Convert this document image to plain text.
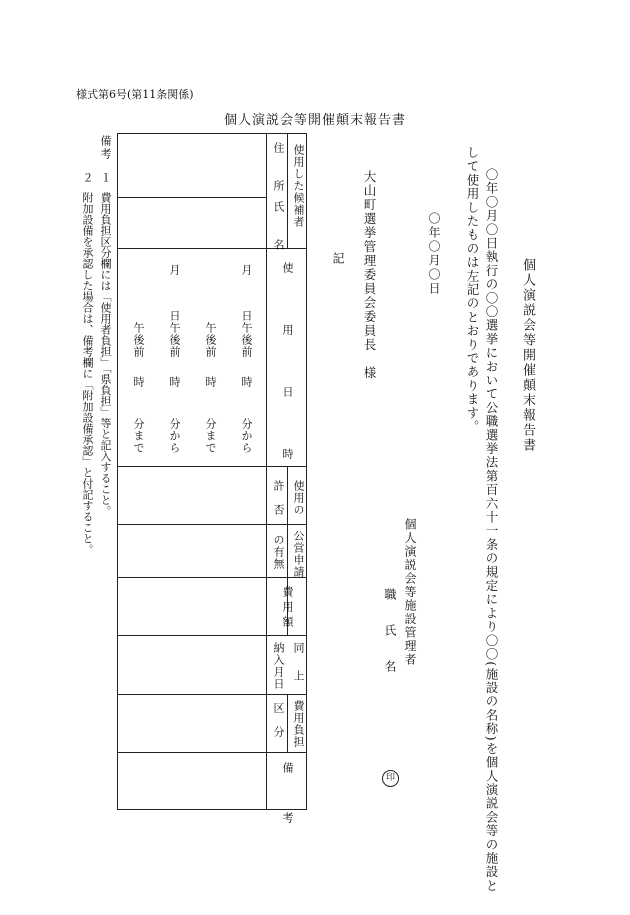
様式第6号(第11条関係)
個人演説会等開催顛末報告書
個人演説会等開催顛末報告書
〇年〇月〇日執行の〇〇選挙において公職選挙法第百六十一条の規定により〇〇(施設の名称)を個人演説会等の施設と
して使用したものは左記のとおりであります。
〇年〇月〇日
個人演説会等施設管理者
職　氏　名
印
大山町選挙管理委員会委員長　様
記
使用した候補者
住　所
氏　名
使　用　日　時
使用の
許　否
公営申請
の有無
費用額
同　上
納入月日
費用負担
区　分
備　考
月
日
午後前
時
分から
午後前
時
分まで
月
日
午後前
時
分から
午後前
時
分まで
備考
１
費用負担区分欄には「使用者負担」「県負担」等と記入すること。
２
附加設備を承認した場合は、備考欄に「附加設備承認」と付記すること。
